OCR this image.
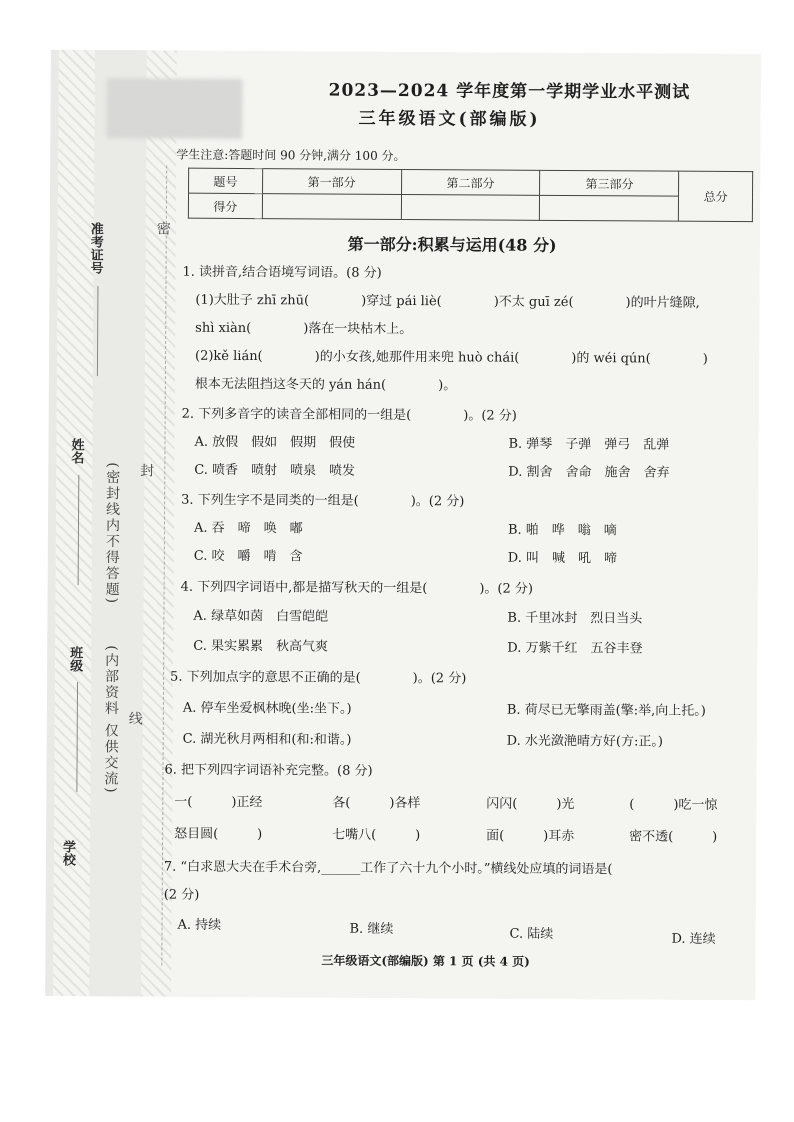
准考证号
姓名
班级
学校
(密封线内不得答题)
(内部资料 仅供交流)
密
封
线
2023—2024 学年度第一学期学业水平测试
三年级语文(部编版)
学生注意:答题时间 90 分钟,满分 100 分。
题号	第一部分	第二部分	第三部分	总分
得分				
第一部分:积累与运用(48 分)
1. 读拼音,结合语境写词语。(8 分)
(1)大肚子 zhī zhū(　　　　)穿过 pái liè(　　　　)不太 guī zé(　　　　)的叶片缝隙,
shì xiàn(　　　　)落在一块枯木上。
(2)kě lián(　　　　)的小女孩,她那件用来兜 huò chái(　　　　)的 wéi qún(　　　　)
根本无法阻挡这冬天的 yán hán(　　　　)。
2. 下列多音字的读音全部相同的一组是(　　　　)。(2 分)
A. 放假　假如　假期　假使	B. 弹琴　子弹　弹弓　乱弹
C. 喷香　喷射　喷泉　喷发	D. 割舍　舍命　施舍　舍弃
3. 下列生字不是同类的一组是(　　　　)。(2 分)
A. 吞　啼　唤　嘟	B. 啪　哗　嗡　嘀
C. 咬　嚼　啃　含	D. 叫　喊　吼　啼
4. 下列四字词语中,都是描写秋天的一组是(　　　　)。(2 分)
A. 绿草如茵　白雪皑皑	B. 千里冰封　烈日当头
C. 果实累累　秋高气爽	D. 万紫千红　五谷丰登
5. 下列加点字的意思不正确的是(　　　　)。(2 分)
A. 停车坐爱枫林晚(坐:坐下。)	B. 荷尽已无擎雨盖(擎:举,向上托。)
C. 湖光秋月两相和(和:和谐。)	D. 水光潋滟晴方好(方:正。)
6. 把下列四字词语补充完整。(8 分)
一(　　　)正经	各(　　　)各样	闪闪(　　　)光	(　　　)吃一惊
怒目圆(　　　)	七嘴八(　　　)	面(　　　)耳赤	密不透(　　　)
7. “白求恩大夫在手术台旁,______工作了六十九个小时。”横线处应填的词语是(
(2 分)
A. 持续	B. 继续	C. 陆续	D. 连续
三年级语文(部编版) 第 1 页 (共 4 页)
